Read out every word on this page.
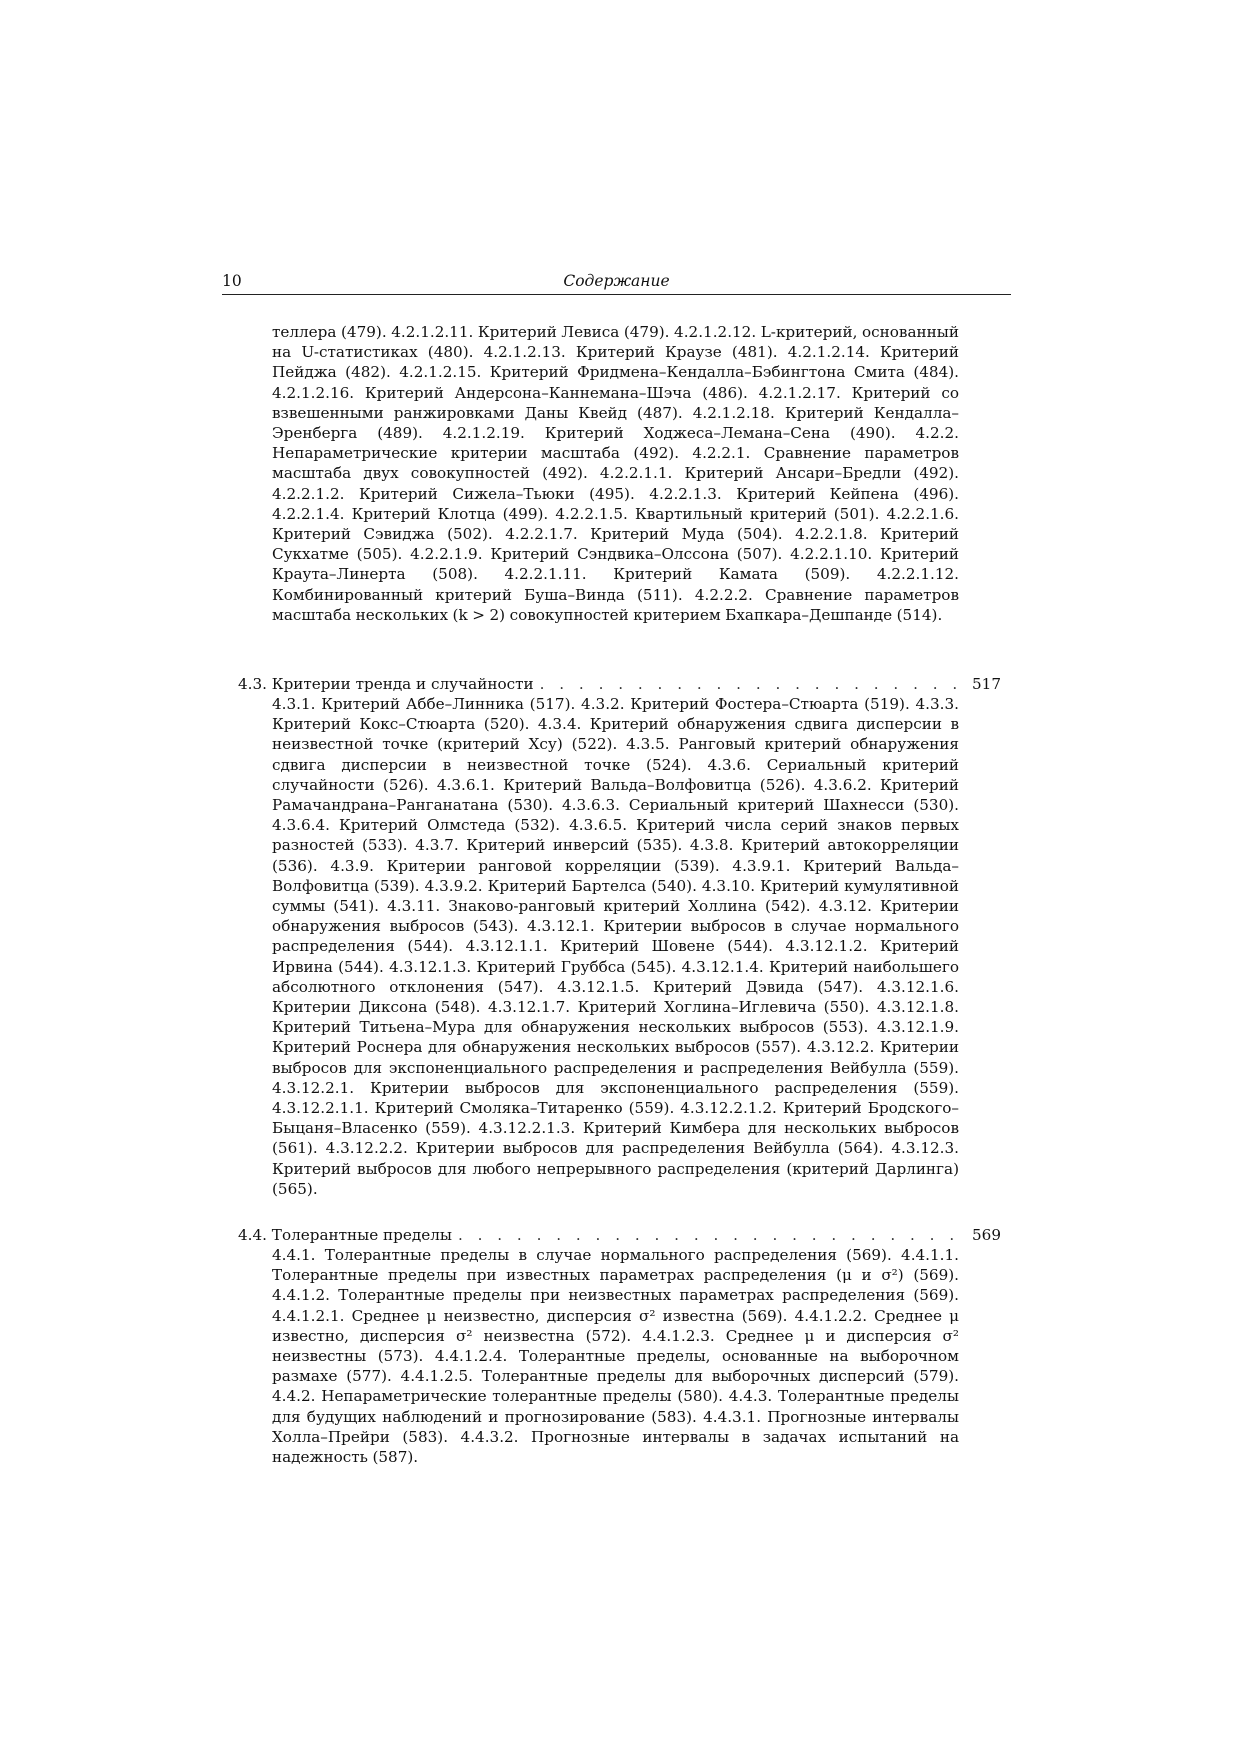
10	Содержание
теллера (479). 4.2.1.2.11. Критерий Левиса (479). 4.2.1.2.12. L-критерий, основанный на U-статистиках (480). 4.2.1.2.13. Критерий Краузе (481). 4.2.1.2.14. Критерий Пейджа (482). 4.2.1.2.15. Критерий Фридмена–Кендалла–Бэбингтона Смита (484). 4.2.1.2.16. Критерий Андерсона–Каннемана–Шэча (486). 4.2.1.2.17. Критерий со взвешенными ранжировками Даны Квейд (487). 4.2.1.2.18. Критерий Кендалла–Эренберга (489). 4.2.1.2.19. Критерий Ходжеса–Лемана–Сена (490). 4.2.2. Непараметрические критерии масштаба (492). 4.2.2.1. Сравнение параметров масштаба двух совокупностей (492). 4.2.2.1.1. Критерий Ансари–Бредли (492). 4.2.2.1.2. Критерий Сижела–Тьюки (495). 4.2.2.1.3. Критерий Кейпена (496). 4.2.2.1.4. Критерий Клотца (499). 4.2.2.1.5. Квартильный критерий (501). 4.2.2.1.6. Критерий Сэвиджа (502). 4.2.2.1.7. Критерий Муда (504). 4.2.2.1.8. Критерий Сукхатме (505). 4.2.2.1.9. Критерий Сэндвика–Олссона (507). 4.2.2.1.10. Критерий Краута–Линерта (508). 4.2.2.1.11. Критерий Камата (509). 4.2.2.1.12. Комбинированный критерий Буша–Винда (511). 4.2.2.2. Сравнение параметров масштаба нескольких (k > 2) совокупностей критерием Бхапкара–Дешпанде (514).
4.3. Критерии тренда и случайности . . .	517
4.3.1. Критерий Аббе–Линника (517). 4.3.2. Критерий Фостера–Стюарта (519). 4.3.3. Критерий Кокс–Стюарта (520). 4.3.4. Критерий обнаружения сдвига дисперсии в неизвестной точке (критерий Хсу) (522). 4.3.5. Ранговый критерий обнаружения сдвига дисперсии в неизвестной точке (524). 4.3.6. Сериальный критерий случайности (526). 4.3.6.1. Критерий Вальда–Волфовитца (526). 4.3.6.2. Критерий Рамачандрана–Ранганатана (530). 4.3.6.3. Сериальный критерий Шахнесси (530). 4.3.6.4. Критерий Олмстеда (532). 4.3.6.5. Критерий числа серий знаков первых разностей (533). 4.3.7. Критерий инверсий (535). 4.3.8. Критерий автокорреляции (536). 4.3.9. Критерии ранговой корреляции (539). 4.3.9.1. Критерий Вальда–Волфовитца (539). 4.3.9.2. Критерий Бартелса (540). 4.3.10. Критерий кумулятивной суммы (541). 4.3.11. Знаково-ранговый критерий Холлина (542). 4.3.12. Критерии обнаружения выбросов (543). 4.3.12.1. Критерии выбросов в случае нормального распределения (544). 4.3.12.1.1. Критерий Шовене (544). 4.3.12.1.2. Критерий Ирвина (544). 4.3.12.1.3. Критерий Груббса (545). 4.3.12.1.4. Критерий наибольшего абсолютного отклонения (547). 4.3.12.1.5. Критерий Дэвида (547). 4.3.12.1.6. Критерии Диксона (548). 4.3.12.1.7. Критерий Хоглина–Иглевича (550). 4.3.12.1.8. Критерий Титьена–Мура для обнаружения нескольких выбросов (553). 4.3.12.1.9. Критерий Роснера для обнаружения нескольких выбросов (557). 4.3.12.2. Критерии выбросов для экспоненциального распределения и распределения Вейбулла (559). 4.3.12.2.1. Критерии выбросов для экспоненциального распределения (559). 4.3.12.2.1.1. Критерий Смоляка–Титаренко (559). 4.3.12.2.1.2. Критерий Бродского–Быцаня–Власенко (559). 4.3.12.2.1.3. Критерий Кимбера для нескольких выбросов (561). 4.3.12.2.2. Критерии выбросов для распределения Вейбулла (564). 4.3.12.3. Критерий выбросов для любого непрерывного распределения (критерий Дарлинга) (565).
4.4. Толерантные пределы . . .	569
4.4.1. Толерантные пределы в случае нормального распределения (569). 4.4.1.1. Толерантные пределы при известных параметрах распределения (μ и σ²) (569). 4.4.1.2. Толерантные пределы при неизвестных параметрах распределения (569). 4.4.1.2.1. Среднее μ неизвестно, дисперсия σ² известна (569). 4.4.1.2.2. Среднее μ известно, дисперсия σ² неизвестна (572). 4.4.1.2.3. Среднее μ и дисперсия σ² неизвестны (573). 4.4.1.2.4. Толерантные пределы, основанные на выборочном размахе (577). 4.4.1.2.5. Толерантные пределы для выборочных дисперсий (579). 4.4.2. Непараметрические толерантные пределы (580). 4.4.3. Толерантные пределы для будущих наблюдений и прогнозирование (583). 4.4.3.1. Прогнозные интервалы Холла–Прейри (583). 4.4.3.2. Прогнозные интервалы в задачах испытаний на надежность (587).
